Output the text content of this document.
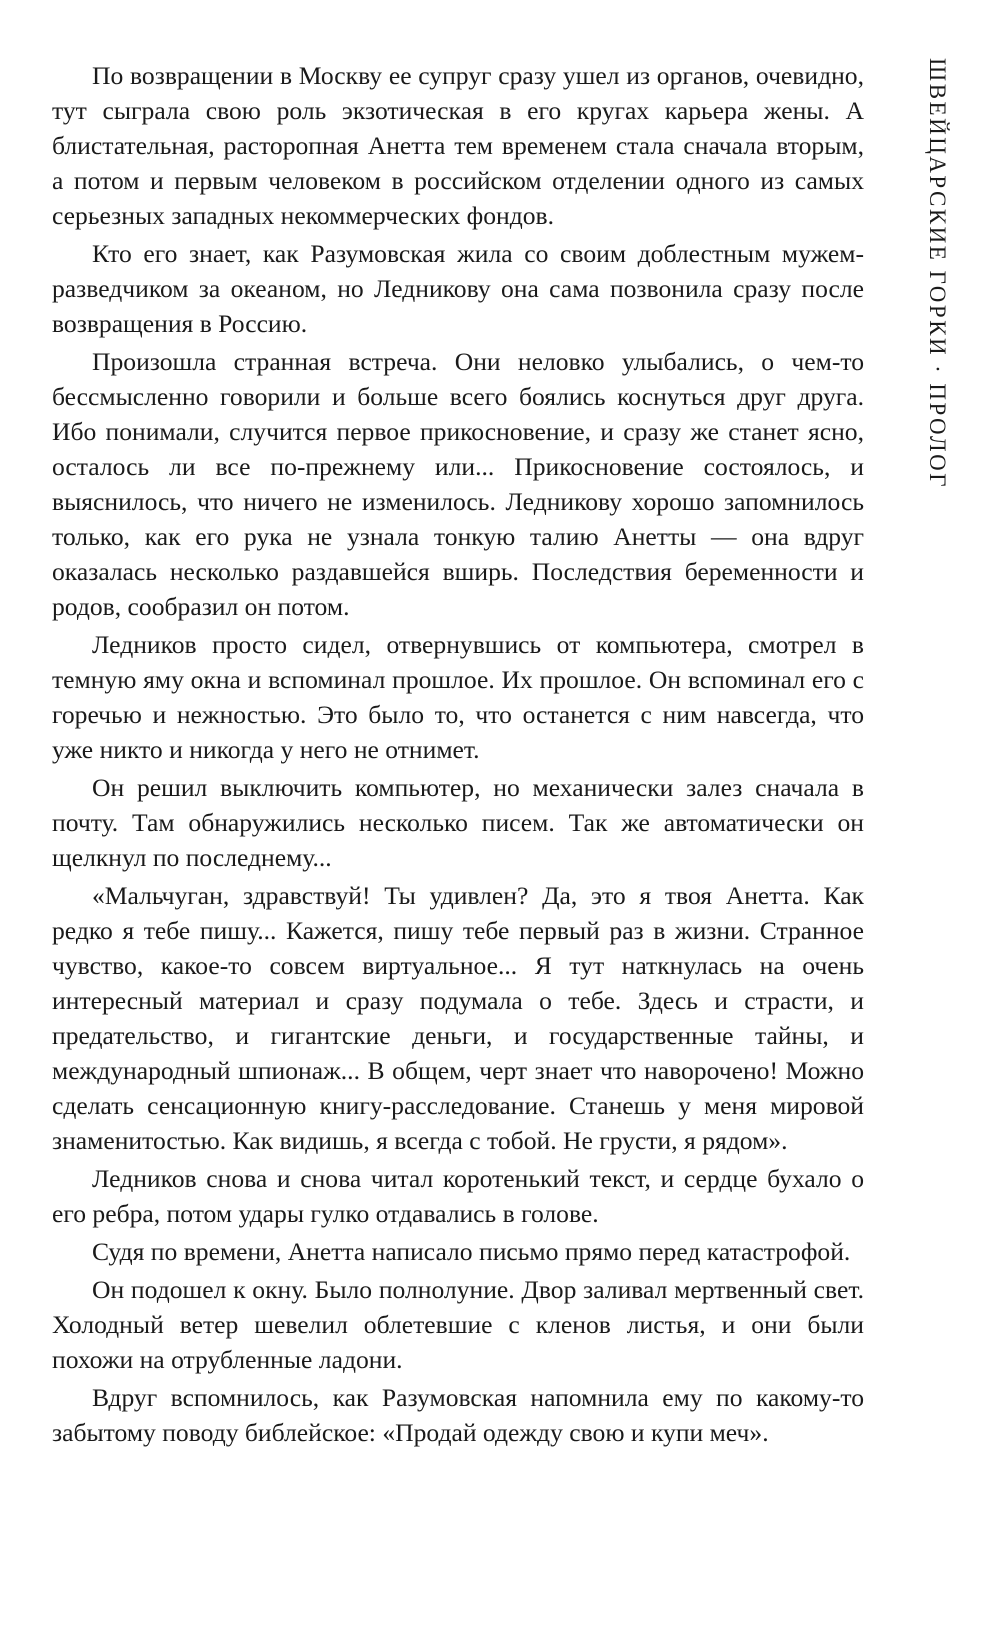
По возвращении в Москву ее супруг сразу ушел из органов, очевидно, тут сыграла свою роль экзотическая в его кругах карьера жены. А блистательная, расторопная Анетта тем временем стала сначала вторым, а потом и первым человеком в российском отделении одного из самых серьезных западных некоммерческих фондов.

Кто его знает, как Разумовская жила со своим доблестным мужем-разведчиком за океаном, но Ледникову она сама позвонила сразу после возвращения в Россию.

Произошла странная встреча. Они неловко улыбались, о чем-то бессмысленно говорили и больше всего боялись коснуться друг друга. Ибо понимали, случится первое прикосновение, и сразу же станет ясно, осталось ли все по-прежнему или... Прикосновение состоялось, и выяснилось, что ничего не изменилось. Ледникову хорошо запомнилось только, как его рука не узнала тонкую талию Анетты — она вдруг оказалась несколько раздавшейся вширь. Последствия беременности и родов, сообразил он потом.

Ледников просто сидел, отвернувшись от компьютера, смотрел в темную яму окна и вспоминал прошлое. Их прошлое. Он вспоминал его с горечью и нежностью. Это было то, что останется с ним навсегда, что уже никто и никогда у него не отнимет.

Он решил выключить компьютер, но механически залез сначала в почту. Там обнаружились несколько писем. Так же автоматически он щелкнул по последнему...

«Мальчуган, здравствуй! Ты удивлен? Да, это я твоя Анетта. Как редко я тебе пишу... Кажется, пишу тебе первый раз в жизни. Странное чувство, какое-то совсем виртуальное... Я тут наткнулась на очень интересный материал и сразу подумала о тебе. Здесь и страсти, и предательство, и гигантские деньги, и государственные тайны, и международный шпионаж... В общем, черт знает что наворочено! Можно сделать сенсационную книгу-расследование. Станешь у меня мировой знаменитостью. Как видишь, я всегда с тобой. Не грусти, я рядом».

Ледников снова и снова читал коротенький текст, и сердце бухало о его ребра, потом удары гулко отдавались в голове.

Судя по времени, Анетта написало письмо прямо перед катастрофой.

Он подошел к окну. Было полнолуние. Двор заливал мертвенный свет. Холодный ветер шевелил облетевшие с кленов листья, и они были похожи на отрубленные ладони.

Вдруг вспомнилось, как Разумовская напомнила ему по какому-то забытому поводу библейское: «Продай одежду свою и купи меч».

ШВЕЙЦАРСКИЕ ГОРКИ·ПРОЛОГ
